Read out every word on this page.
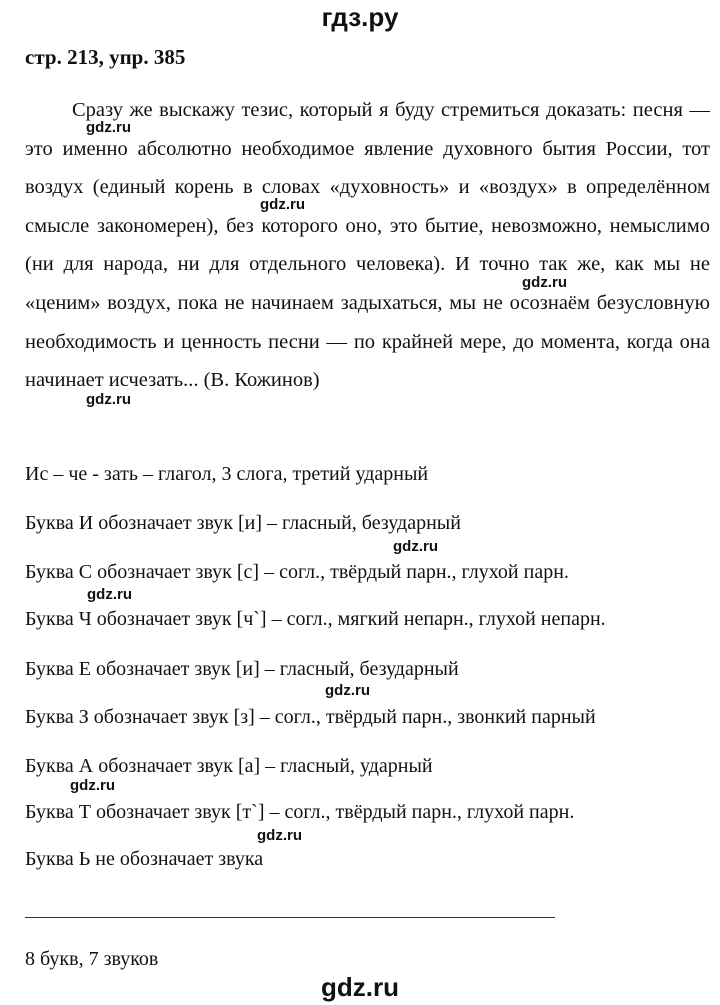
гдз.ру
стр. 213, упр. 385
Сразу же выскажу тезис, который я буду стремиться доказать: песня — это именно абсолютно необходимое явление духовного бытия России, тот воздух (единый корень в словах «духовность» и «воздух» в определённом смысле закономерен), без которого оно, это бытие, невозможно, немыслимо (ни для народа, ни для отдельного человека). И точно так же, как мы не «ценим» воздух, пока не начинаем задыхаться, мы не осознаём безусловную необходимость и ценность песни — по крайней мере, до момента, когда она начинает исчезать... (В. Кожинов)
Ис – че - зать – глагол, 3 слога, третий ударный
Буква И обозначает звук [и] – гласный, безударный
Буква С обозначает звук [с] – согл., твёрдый парн., глухой парн.
Буква Ч обозначает звук [ч`] – согл., мягкий непарн., глухой непарн.
Буква Е обозначает звук [и] – гласный, безударный
Буква З обозначает звук [з] – согл., твёрдый парн., звонкий парный
Буква А обозначает звук [а] – гласный, ударный
Буква Т обозначает звук [т`] – согл., твёрдый парн., глухой парн.
Буква Ь не обозначает звука
8 букв, 7 звуков
gdz.ru
gdz.ru
gdz.ru
gdz.ru
gdz.ru
gdz.ru
gdz.ru
gdz.ru
gdz.ru
gdz.ru
